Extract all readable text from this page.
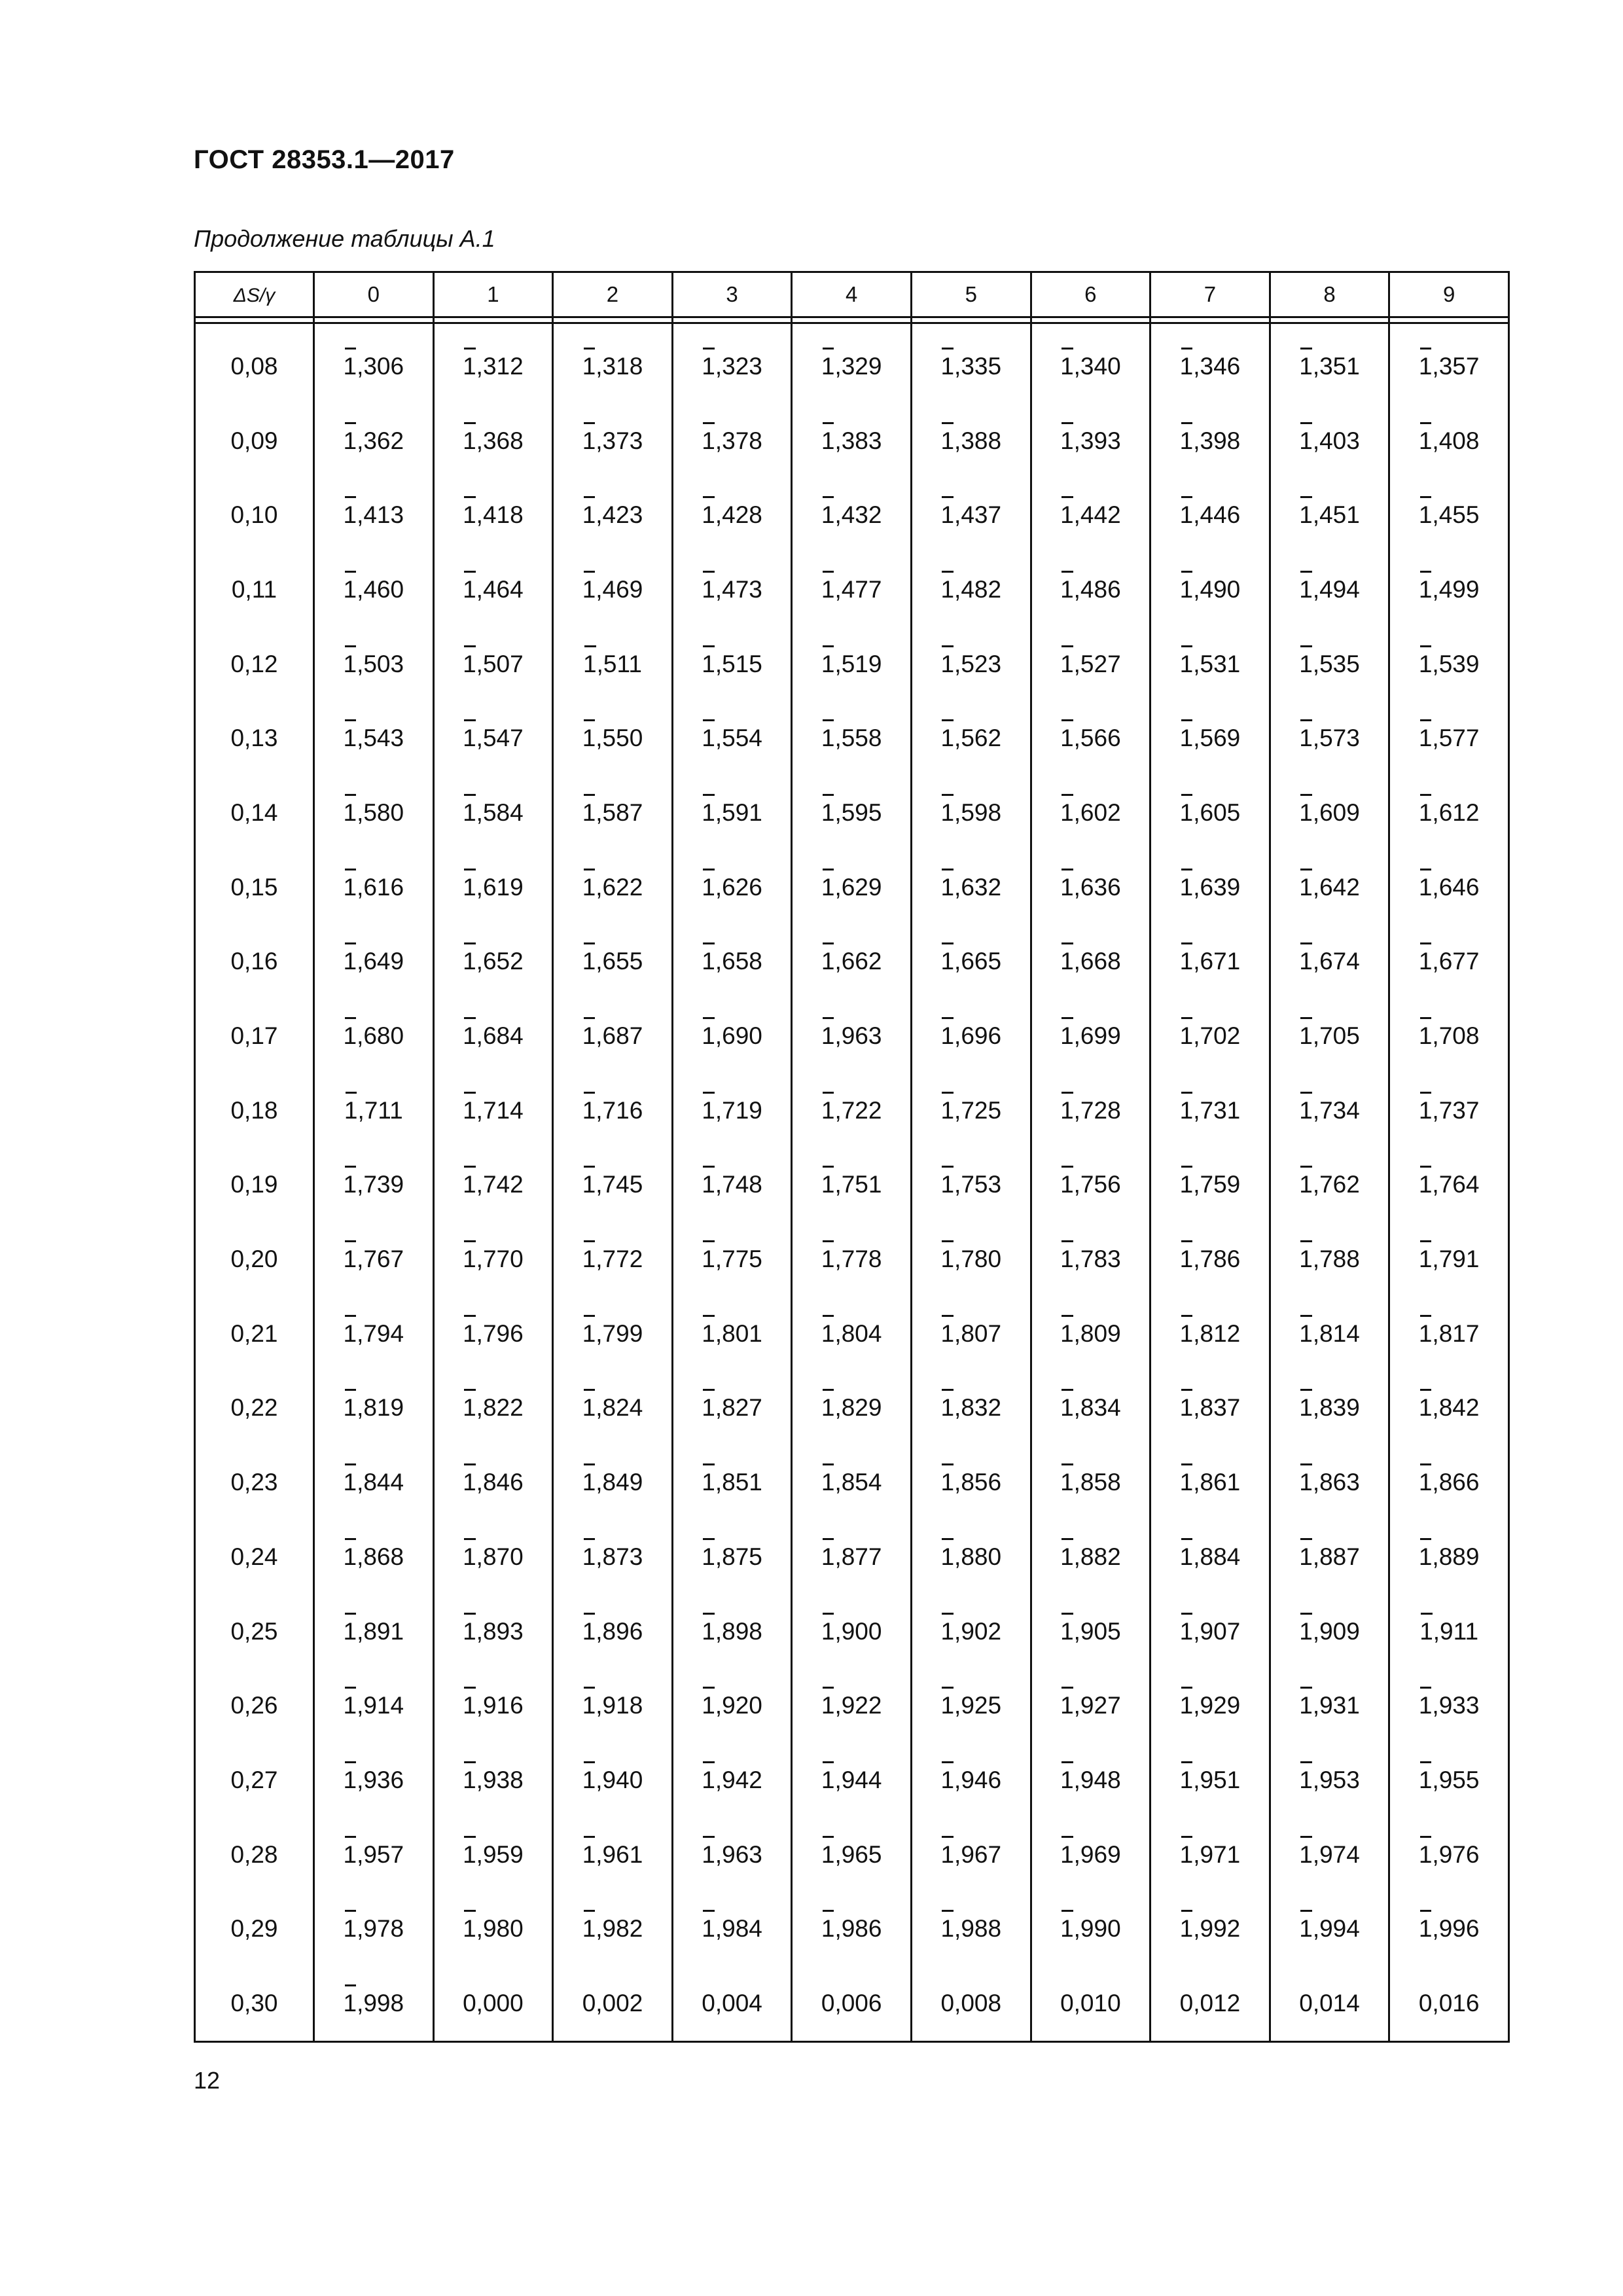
ГОСТ 28353.1—2017
Продолжение таблицы А.1
ΔS/γ	0	1	2	3	4	5	6	7	8	9

0,08	1,306	1,312	1,318	1,323	1,329	1,335	1,340	1,346	1,351	1,357
0,09	1,362	1,368	1,373	1,378	1,383	1,388	1,393	1,398	1,403	1,408
0,10	1,413	1,418	1,423	1,428	1,432	1,437	1,442	1,446	1,451	1,455
0,11	1,460	1,464	1,469	1,473	1,477	1,482	1,486	1,490	1,494	1,499
0,12	1,503	1,507	1,511	1,515	1,519	1,523	1,527	1,531	1,535	1,539
0,13	1,543	1,547	1,550	1,554	1,558	1,562	1,566	1,569	1,573	1,577
0,14	1,580	1,584	1,587	1,591	1,595	1,598	1,602	1,605	1,609	1,612
0,15	1,616	1,619	1,622	1,626	1,629	1,632	1,636	1,639	1,642	1,646
0,16	1,649	1,652	1,655	1,658	1,662	1,665	1,668	1,671	1,674	1,677
0,17	1,680	1,684	1,687	1,690	1,963	1,696	1,699	1,702	1,705	1,708
0,18	1,711	1,714	1,716	1,719	1,722	1,725	1,728	1,731	1,734	1,737
0,19	1,739	1,742	1,745	1,748	1,751	1,753	1,756	1,759	1,762	1,764
0,20	1,767	1,770	1,772	1,775	1,778	1,780	1,783	1,786	1,788	1,791
0,21	1,794	1,796	1,799	1,801	1,804	1,807	1,809	1,812	1,814	1,817
0,22	1,819	1,822	1,824	1,827	1,829	1,832	1,834	1,837	1,839	1,842
0,23	1,844	1,846	1,849	1,851	1,854	1,856	1,858	1,861	1,863	1,866
0,24	1,868	1,870	1,873	1,875	1,877	1,880	1,882	1,884	1,887	1,889
0,25	1,891	1,893	1,896	1,898	1,900	1,902	1,905	1,907	1,909	1,911
0,26	1,914	1,916	1,918	1,920	1,922	1,925	1,927	1,929	1,931	1,933
0,27	1,936	1,938	1,940	1,942	1,944	1,946	1,948	1,951	1,953	1,955
0,28	1,957	1,959	1,961	1,963	1,965	1,967	1,969	1,971	1,974	1,976
0,29	1,978	1,980	1,982	1,984	1,986	1,988	1,990	1,992	1,994	1,996
0,30	1,998	0,000	0,002	0,004	0,006	0,008	0,010	0,012	0,014	0,016
12
